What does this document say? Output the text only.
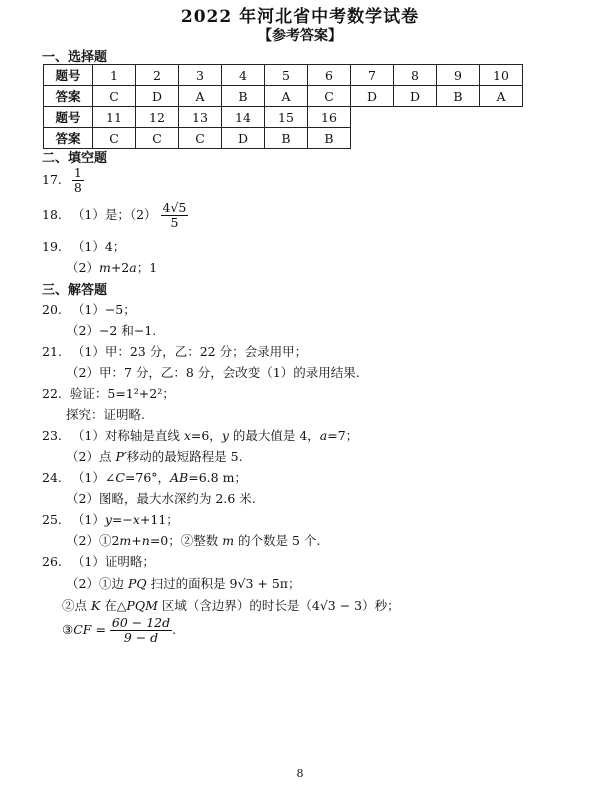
2022 年河北省中考数学试卷
【参考答案】
一、选择题
题号	1	2	3	4	5	6	7	8	9	10
答案	C	D	A	B	A	C	D	D	B	A
题号	11	12	13	14	15	16				
答案	C	C	C	D	B	B				
二、填空题
17. $\frac{1}{8}$
18. （1）是；$(2) \frac{4√5}{5}$
19. （1）4；
（2）m+2a；1
三、解答题
20. （1）−5；
（2）−2 和−1.
21. （1）甲：23 分，乙：22 分；会录用甲；
（2）甲：7 分，乙：8 分，会改变（1）的录用结果.
22. 验证：5=1²+2²；
探究：证明略.
23. （1）对称轴是直线 x=6，y 的最大值是 4，a=7；
（2）点 P′移动的最短路程是 5.
24. （1）∠C=76°，AB=6.8 m；
（2）图略，最大水深约为 2.6 米.
25. （1）y=−x+11；
（2）①2m+n=0；②整数 m 的个数是 5 个.
26. （1）证明略；
（2）①边 PQ 扫过的面积是 9√3 + 5π；
②点 K 在△PQM 区域（含边界）的时长是（4√3 − 3）秒；
③CF = $\frac{60 - 12d}{9 - d}$ .
8
